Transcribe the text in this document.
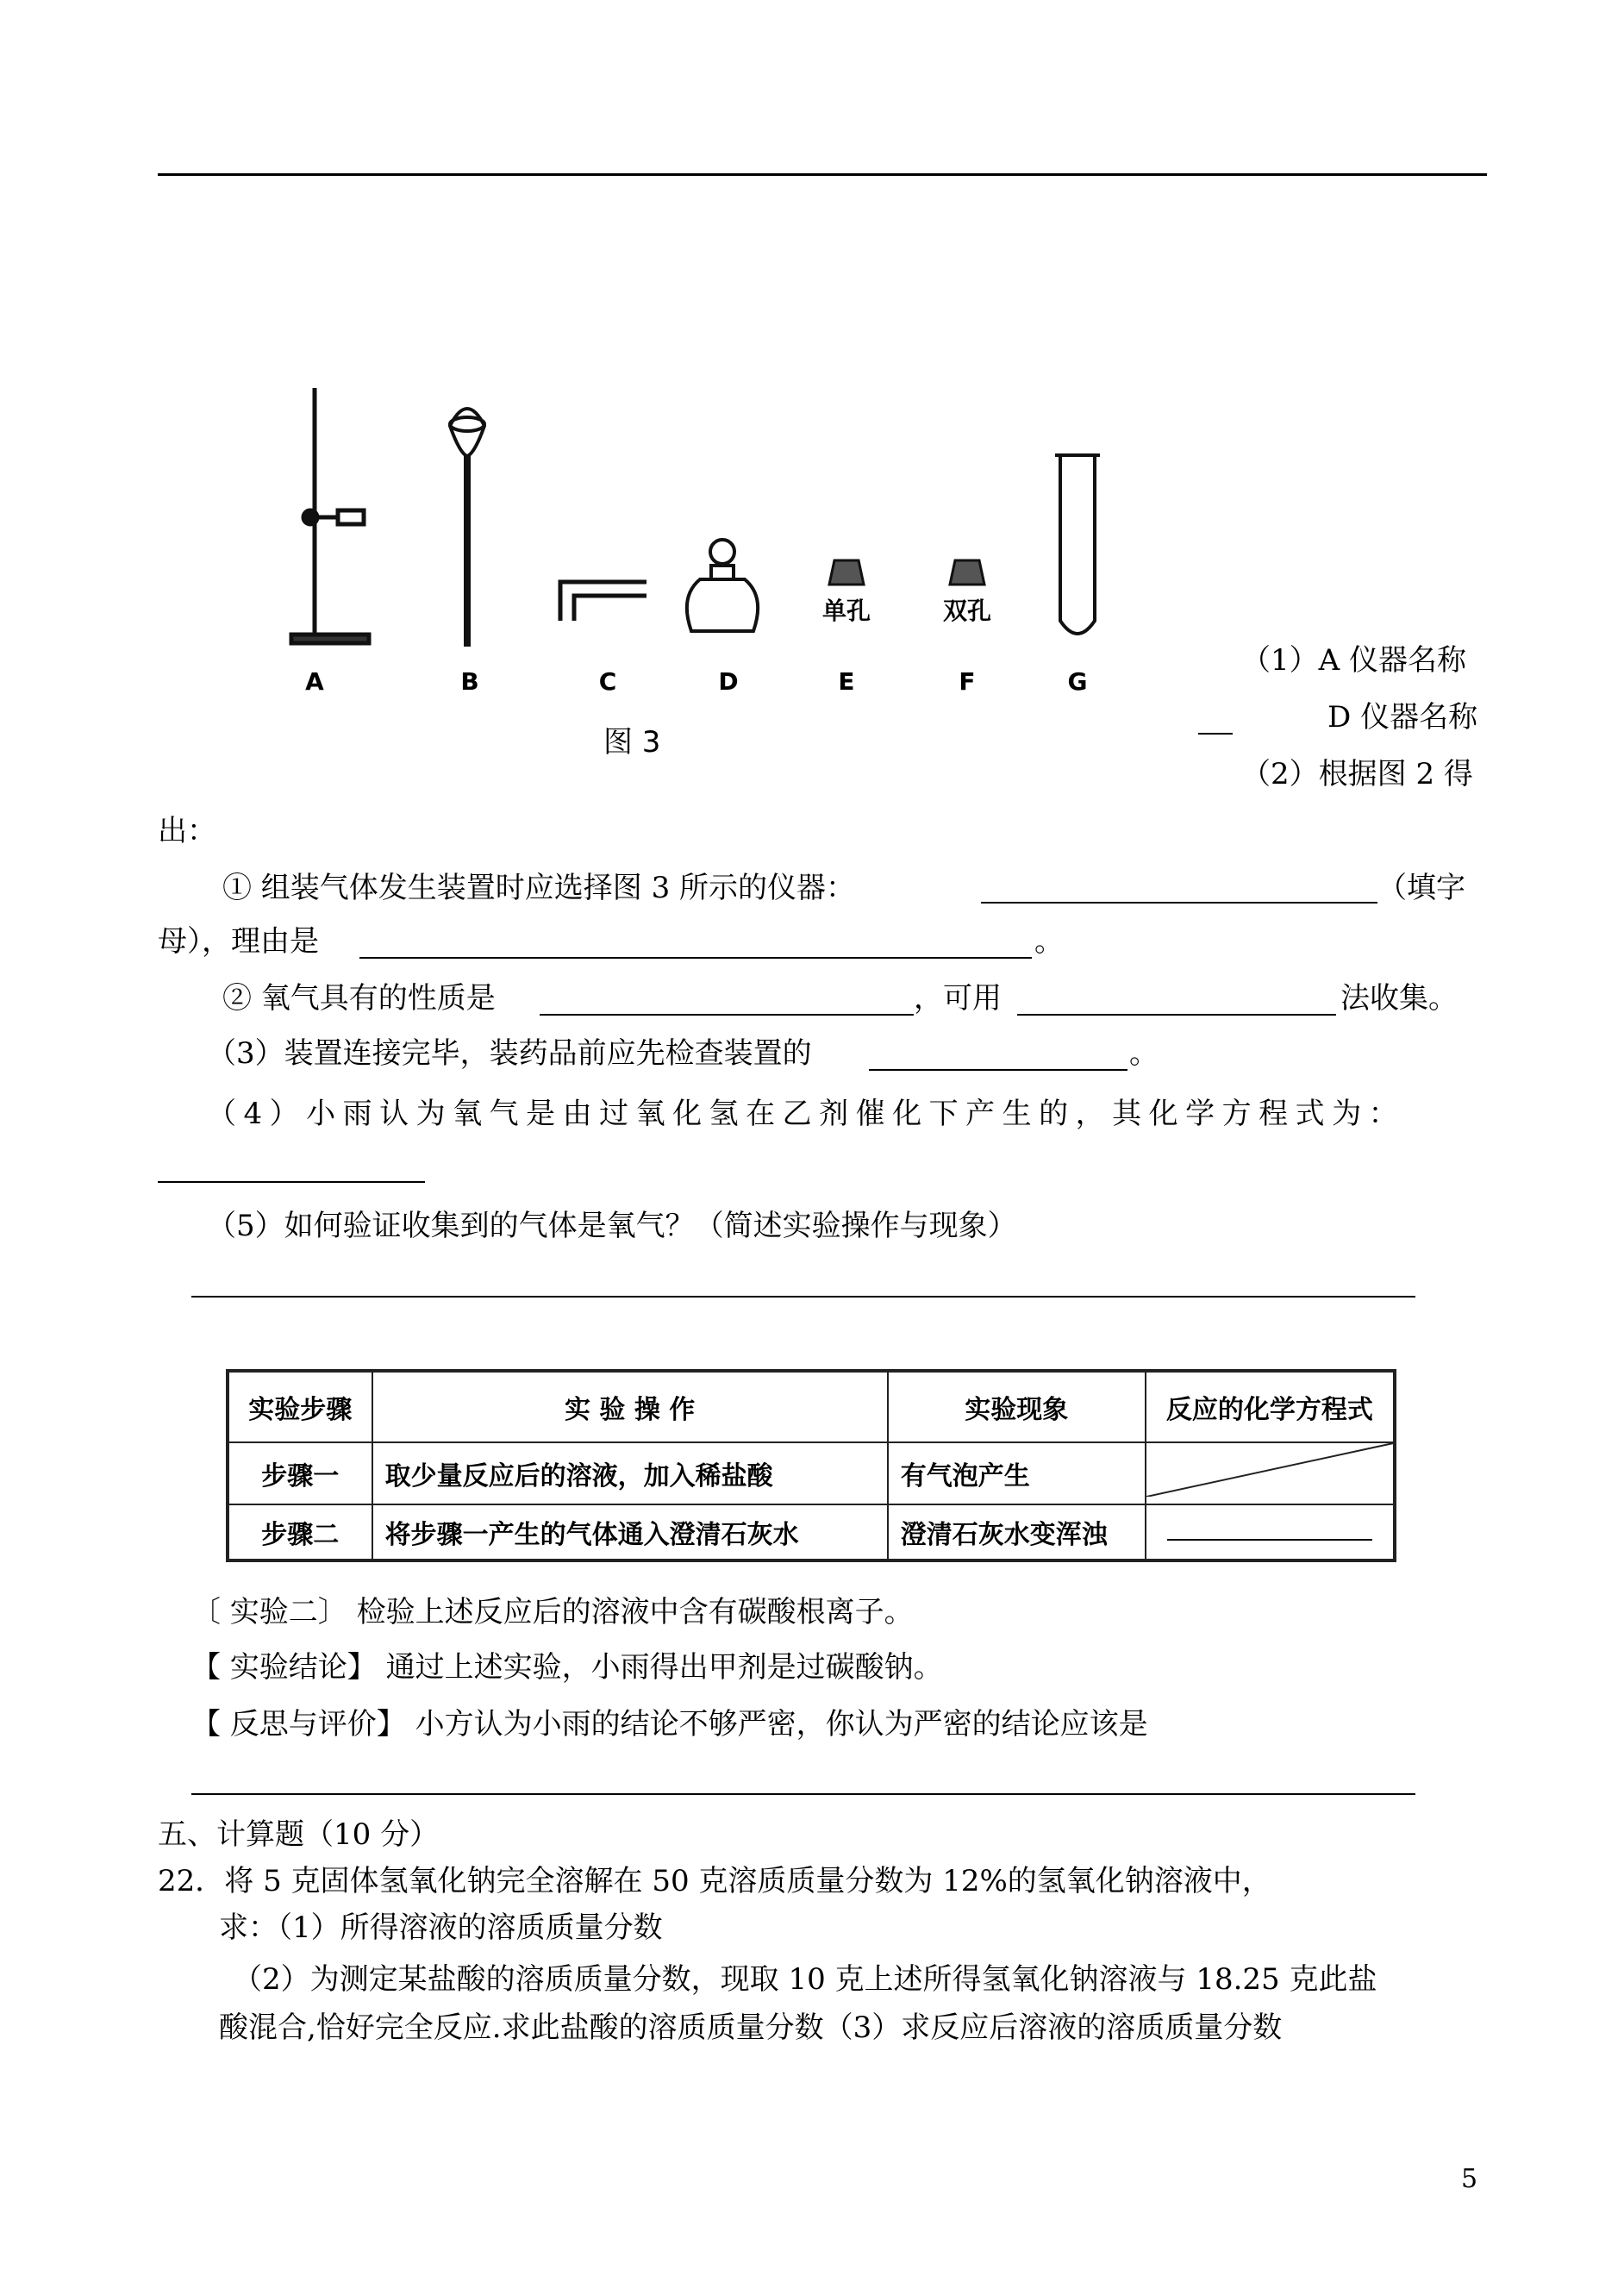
单孔	双孔
A	B	C	D	E	F	G
图 3
（1）A 仪器名称
D 仪器名称
（2）根据图 2 得
出：
① 组装气体发生装置时应选择图 3 所示的仪器：	（填字
母），理由是	。
② 氧气具有的性质是	，可用	法收集。
（3）装置连接完毕，装药品前应先检查装置的	。
（4）小雨认为氧气是由过氧化氢在乙剂催化下产生的，其化学方程式为：
（5）如何验证收集到的气体是氧气？（简述实验操作与现象）
实验步骤	实 验 操 作	实验现象	反应的化学方程式
步骤一	取少量反应后的溶液，加入稀盐酸	有气泡产生	
步骤二	将步骤一产生的气体通入澄清石灰水	澄清石灰水变浑浊	
〔 实验二〕 检验上述反应后的溶液中含有碳酸根离子。
【 实验结论】 通过上述实验，小雨得出甲剂是过碳酸钠。
【 反思与评价】 小方认为小雨的结论不够严密，你认为严密的结论应该是
五、计算题（10 分）
22．将 5 克固体氢氧化钠完全溶解在 50 克溶质质量分数为 12%的氢氧化钠溶液中，
求：（1）所得溶液的溶质质量分数
（2）为测定某盐酸的溶质质量分数，现取 10 克上述所得氢氧化钠溶液与 18.25 克此盐
酸混合,恰好完全反应.求此盐酸的溶质质量分数（3）求反应后溶液的溶质质量分数
5
